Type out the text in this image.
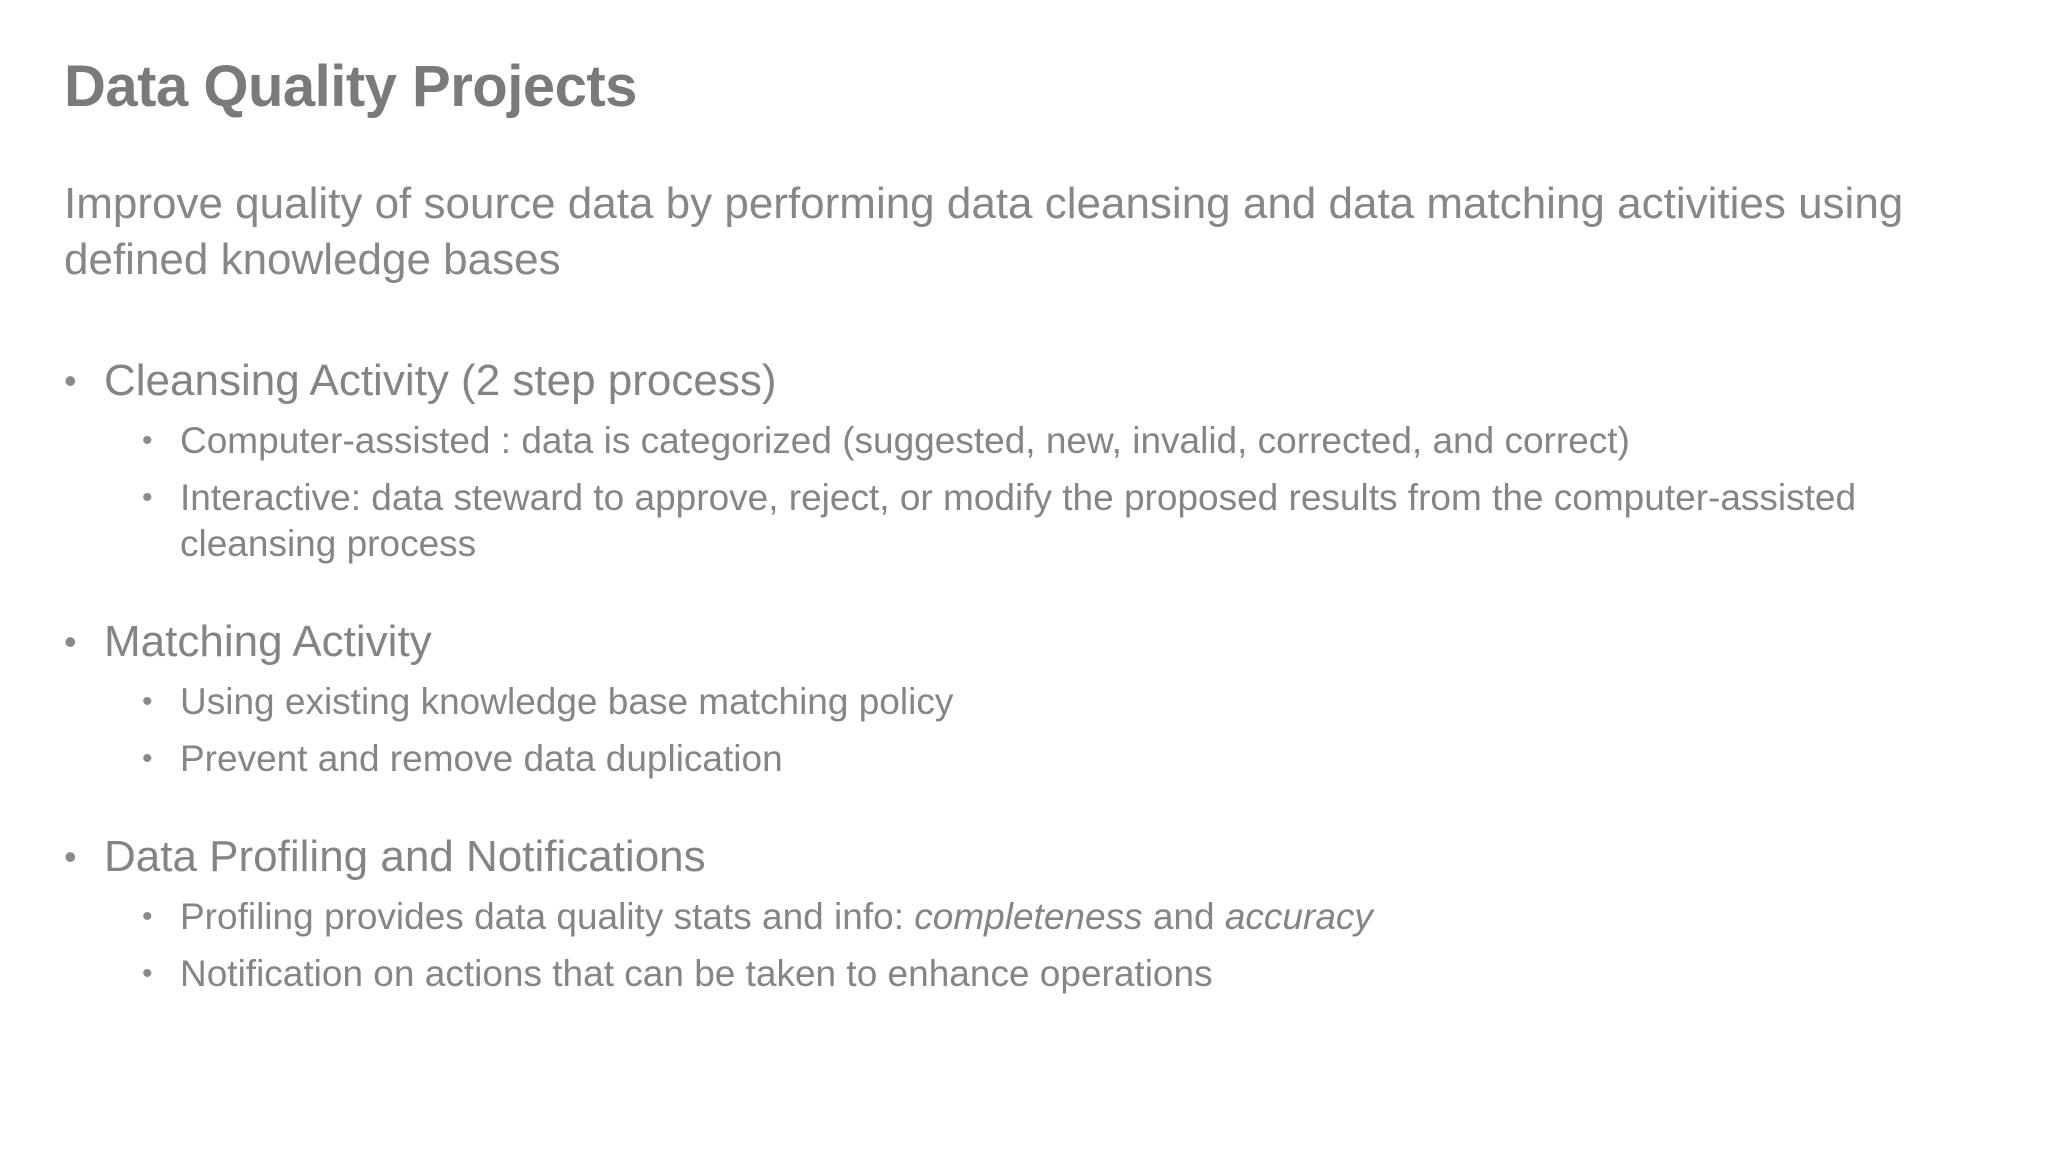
Data Quality Projects

Improve quality of source data by performing data cleansing and data matching activities using defined knowledge bases

• Cleansing Activity (2 step process)
• Computer-assisted : data is categorized (suggested, new, invalid, corrected, and correct)
• Interactive: data steward to approve, reject, or modify the proposed results from the computer-assisted cleansing process
• Matching Activity
• Using existing knowledge base matching policy
• Prevent and remove data duplication
• Data Profiling and Notifications
• Profiling provides data quality stats and info: completeness and accuracy
• Notification on actions that can be taken to enhance operations
